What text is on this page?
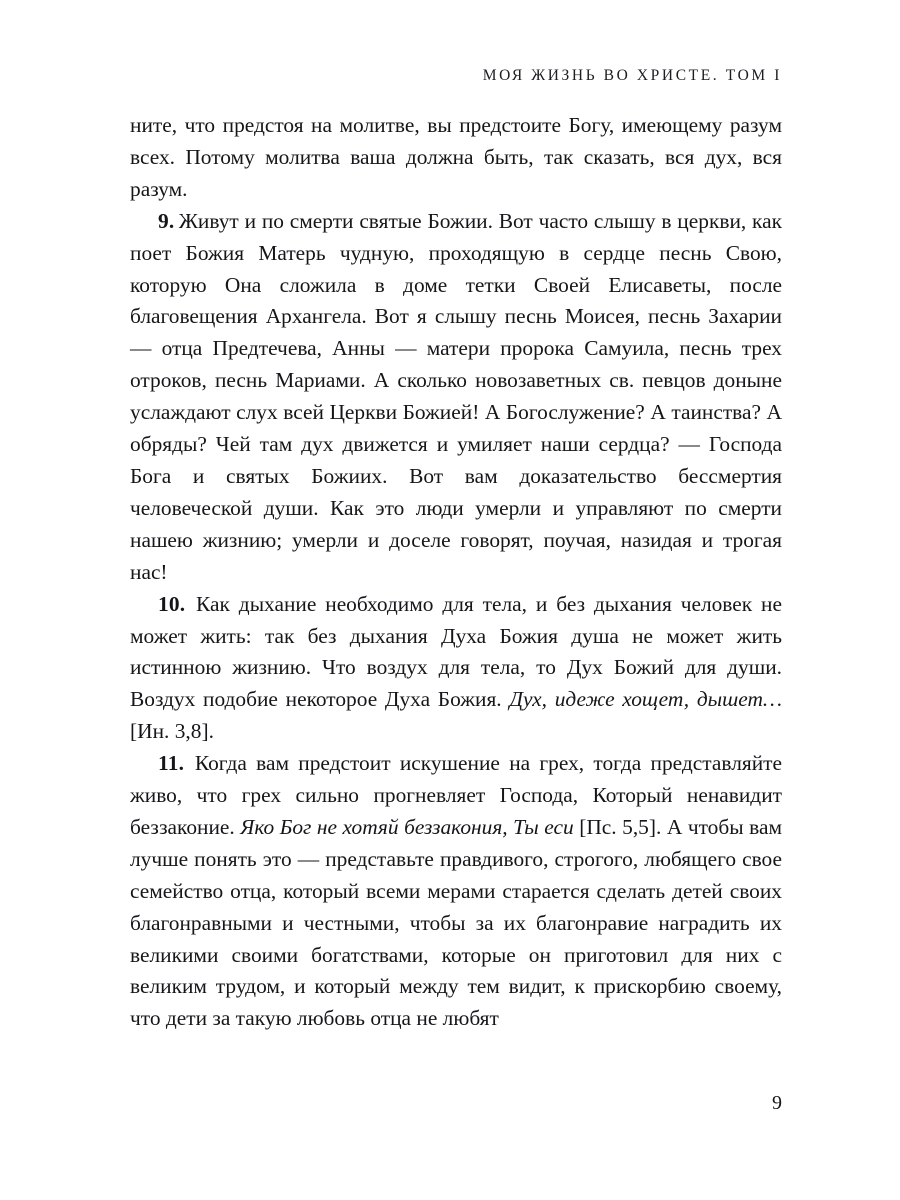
МОЯ ЖИЗНЬ ВО ХРИСТЕ. ТОМ I

ните, что предстоя на молитве, вы предстоите Богу, имеющему разум всех. Потому молитва ваша должна быть, так сказать, вся дух, вся разум.

9. Живут и по смерти святые Божии. Вот часто слышу в церкви, как поет Божия Матерь чудную, проходящую в сердце песнь Свою, которую Она сложила в доме тетки Своей Елисаветы, после благовещения Архангела. Вот я слышу песнь Моисея, песнь Захарии — отца Предтечева, Анны — матери пророка Самуила, песнь трех отроков, песнь Мариами. А сколько новозаветных св. певцов доныне услаждают слух всей Церкви Божией! А Богослужение? А таинства? А обряды? Чей там дух движется и умиляет наши сердца? — Господа Бога и святых Божиих. Вот вам доказательство бессмертия человеческой души. Как это люди умерли и управляют по смерти нашею жизнию; умерли и доселе говорят, поучая, назидая и трогая нас!

10. Как дыхание необходимо для тела, и без дыхания человек не может жить: так без дыхания Духа Божия душа не может жить истинною жизнию. Что воздух для тела, то Дух Божий для души. Воздух подобие некоторое Духа Божия. Дух, идеже хощет, дышет… [Ин. 3,8].

11. Когда вам предстоит искушение на грех, тогда представляйте живо, что грех сильно прогневляет Господа, Который ненавидит беззаконие. Яко Бог не хотяй беззакония, Ты еси [Пс. 5,5]. А чтобы вам лучше понять это — представьте правдивого, строгого, любящего свое семейство отца, который всеми мерами старается сделать детей своих благонравными и честными, чтобы за их благонравие наградить их великими своими богатствами, которые он приготовил для них с великим трудом, и который между тем видит, к прискорбию своему, что дети за такую любовь отца не любят

9
